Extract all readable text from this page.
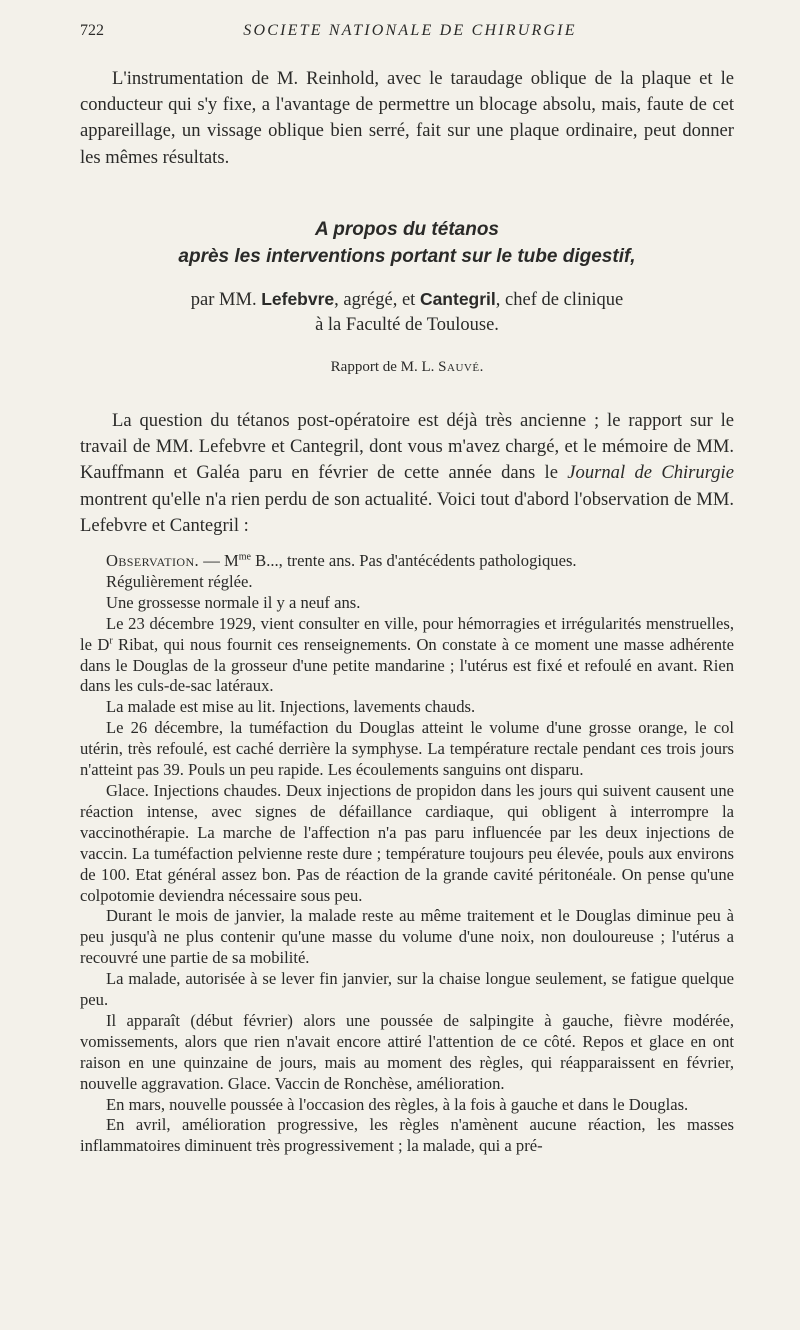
722	SOCIETE NATIONALE DE CHIRURGIE

L'instrumentation de M. Reinhold, avec le taraudage oblique de la plaque et le conducteur qui s'y fixe, a l'avantage de permettre un blocage absolu, mais, faute de cet appareillage, un vissage oblique bien serré, fait sur une plaque ordinaire, peut donner les mêmes résultats.

A propos du tétanos
après les interventions portant sur le tube digestif,
par MM. Lefebvre, agrégé, et Cantegril, chef de clinique
à la Faculté de Toulouse.
Rapport de M. L. Sauvé.

La question du tétanos post-opératoire est déjà très ancienne ; le rapport sur le travail de MM. Lefebvre et Cantegril, dont vous m'avez chargé, et le mémoire de MM. Kauffmann et Galéa paru en février de cette année dans le Journal de Chirurgie montrent qu'elle n'a rien perdu de son actualité. Voici tout d'abord l'observation de MM. Lefebvre et Cantegril :

Observation. — $M^{me}$ B..., trente ans. Pas d'antécédents pathologiques.

Régulièrement réglée.

Une grossesse normale il y a neuf ans.

Le 23 décembre 1929, vient consulter en ville, pour hémorragies et irrégularités menstruelles, le $D^r$ Ribat, qui nous fournit ces renseignements. On constate à ce moment une masse adhérente dans le Douglas de la grosseur d'une petite mandarine ; l'utérus est fixé et refoulé en avant. Rien dans les culs-de-sac latéraux.

La malade est mise au lit. Injections, lavements chauds.

Le 26 décembre, la tuméfaction du Douglas atteint le volume d'une grosse orange, le col utérin, très refoulé, est caché derrière la symphyse. La température rectale pendant ces trois jours n'atteint pas 39. Pouls un peu rapide. Les écoulements sanguins ont disparu.

Glace. Injections chaudes. Deux injections de propidon dans les jours qui suivent causent une réaction intense, avec signes de défaillance cardiaque, qui obligent à interrompre la vaccinothérapie. La marche de l'affection n'a pas paru influencée par les deux injections de vaccin. La tuméfaction pelvienne reste dure ; température toujours peu élevée, pouls aux environs de 100. Etat général assez bon. Pas de réaction de la grande cavité péritonéale. On pense qu'une colpotomie deviendra nécessaire sous peu.

Durant le mois de janvier, la malade reste au même traitement et le Douglas diminue peu à peu jusqu'à ne plus contenir qu'une masse du volume d'une noix, non douloureuse ; l'utérus a recouvré une partie de sa mobilité.

La malade, autorisée à se lever fin janvier, sur la chaise longue seulement, se fatigue quelque peu.

Il apparaît (début février) alors une poussée de salpingite à gauche, fièvre modérée, vomissements, alors que rien n'avait encore attiré l'attention de ce côté. Repos et glace en ont raison en une quinzaine de jours, mais au moment des règles, qui réapparaissent en février, nouvelle aggravation. Glace. Vaccin de Ronchèse, amélioration.

En mars, nouvelle poussée à l'occasion des règles, à la fois à gauche et dans le Douglas.

En avril, amélioration progressive, les règles n'amènent aucune réaction, les masses inflammatoires diminuent très progressivement ; la malade, qui a pré-
